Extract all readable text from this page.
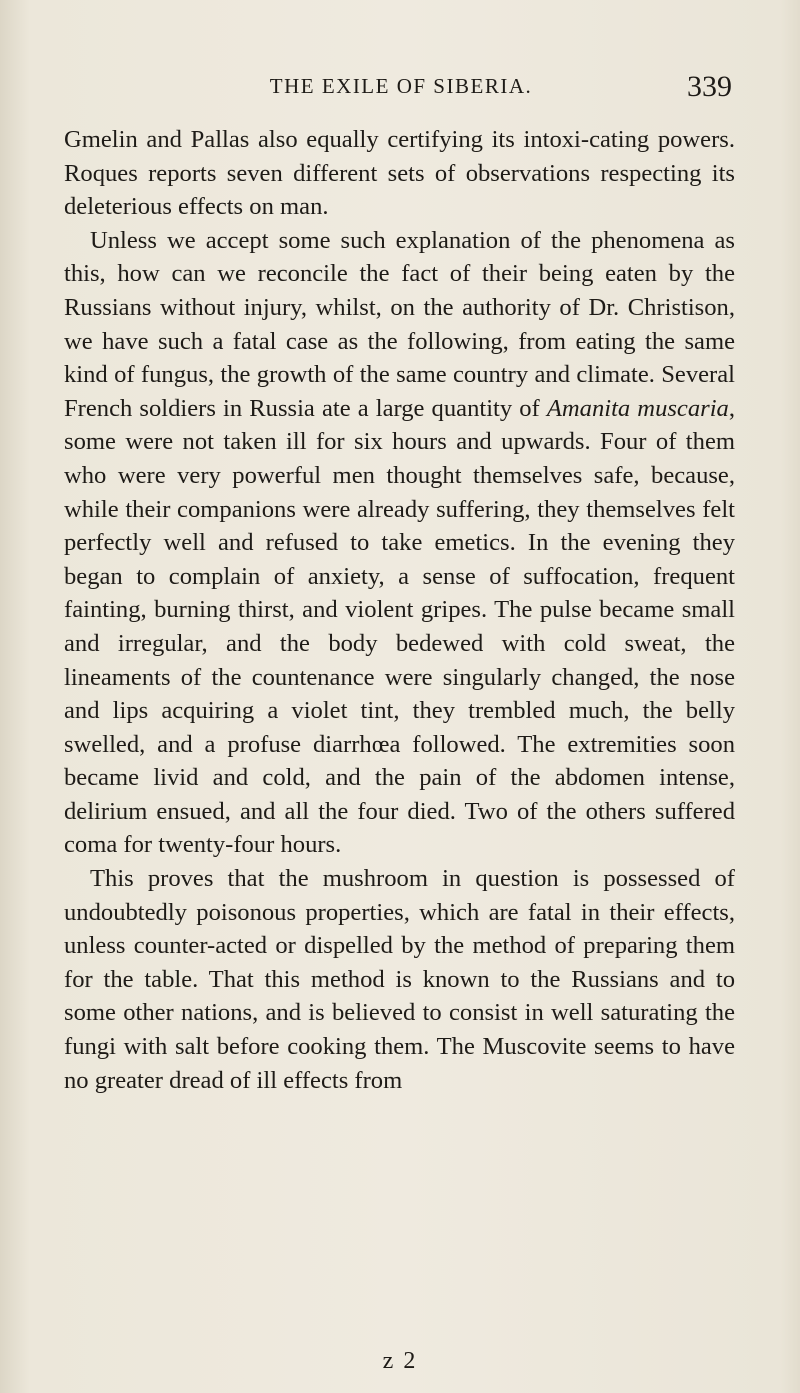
THE EXILE OF SIBERIA.	339

Gmelin and Pallas also equally certifying its intoxi-cating powers. Roques reports seven different sets of observations respecting its deleterious effects on man.

Unless we accept some such explanation of the phenomena as this, how can we reconcile the fact of their being eaten by the Russians without injury, whilst, on the authority of Dr. Christison, we have such a fatal case as the following, from eating the same kind of fungus, the growth of the same country and climate. Several French soldiers in Russia ate a large quantity of Amanita muscaria, some were not taken ill for six hours and upwards. Four of them who were very powerful men thought themselves safe, because, while their companions were already suffering, they themselves felt perfectly well and refused to take emetics. In the evening they began to complain of anxiety, a sense of suffocation, frequent fainting, burning thirst, and violent gripes. The pulse became small and irregular, and the body bedewed with cold sweat, the lineaments of the countenance were singularly changed, the nose and lips acquiring a violet tint, they trembled much, the belly swelled, and a profuse diarrhœa followed. The extremities soon became livid and cold, and the pain of the abdomen intense, delirium ensued, and all the four died. Two of the others suffered coma for twenty-four hours.

This proves that the mushroom in question is possessed of undoubtedly poisonous properties, which are fatal in their effects, unless counter-acted or dispelled by the method of preparing them for the table. That this method is known to the Russians and to some other nations, and is believed to consist in well saturating the fungi with salt before cooking them. The Muscovite seems to have no greater dread of ill effects from

z 2
